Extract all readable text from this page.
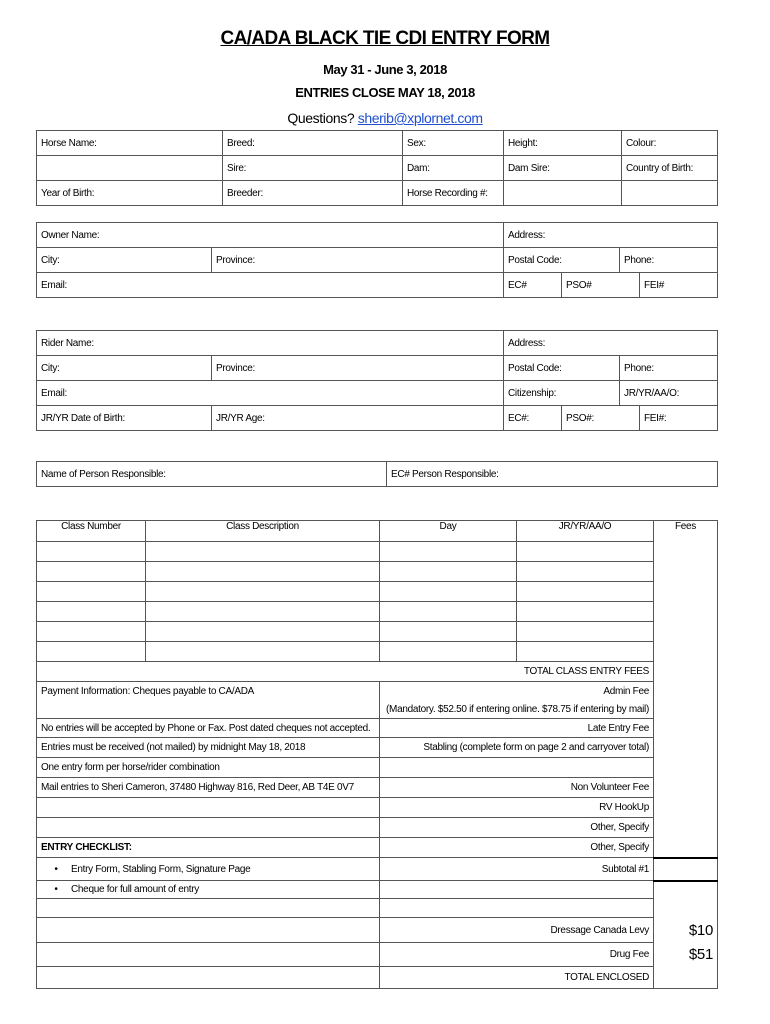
CA/ADA BLACK TIE CDI ENTRY FORM
May 31 - June 3, 2018
ENTRIES CLOSE MAY 18, 2018
Questions? sherib@xplornet.com
Horse Name:	Breed:	Sex:	Height:	Colour:
	Sire:	Dam:	Dam Sire:	Country of Birth:
Year of Birth:	Breeder:	Horse Recording #:		
Owner Name:	Address:
City:	Province:	Postal Code:	Phone:
Email:	EC#		PSO#	FEI#
Rider Name:	Address:
City:	Province:	Postal Code:	Phone:
Email:	Citizenship:	JR/YR/AA/O:
JR/YR Date of Birth:	JR/YR Age:	EC#:		PSO#:	FEI#:
Name of Person Responsible:	EC# Person Responsible:
Class Number	Class Description	Day	JR/YR/AA/O	Fees

TOTAL CLASS ENTRY FEES				
Payment Information: Cheques payable to CA/ADA		Admin Fee		
		(Mandatory. $52.50 if entering online. $78.75 if entering by mail)		
No entries will be accepted by Phone or Fax. Post dated cheques not accepted.		Late Entry Fee		
Entries must be received (not mailed) by midnight May 18, 2018		Stabling (complete form on page 2 and carryover total)		
One entry form per horse/rider combination				
Mail entries to Sheri Cameron, 37480 Highway 816, Red Deer, AB T4E 0V7		Non Volunteer Fee		
		RV HookUp		
		Other, Specify		
ENTRY CHECKLIST:		Other, Specify		
• Entry Form, Stabling Form, Signature Page		Subtotal #1		
• Cheque for full amount of entry				

		Dressage Canada Levy		$10
		Drug Fee		$51
		TOTAL ENCLOSED		
